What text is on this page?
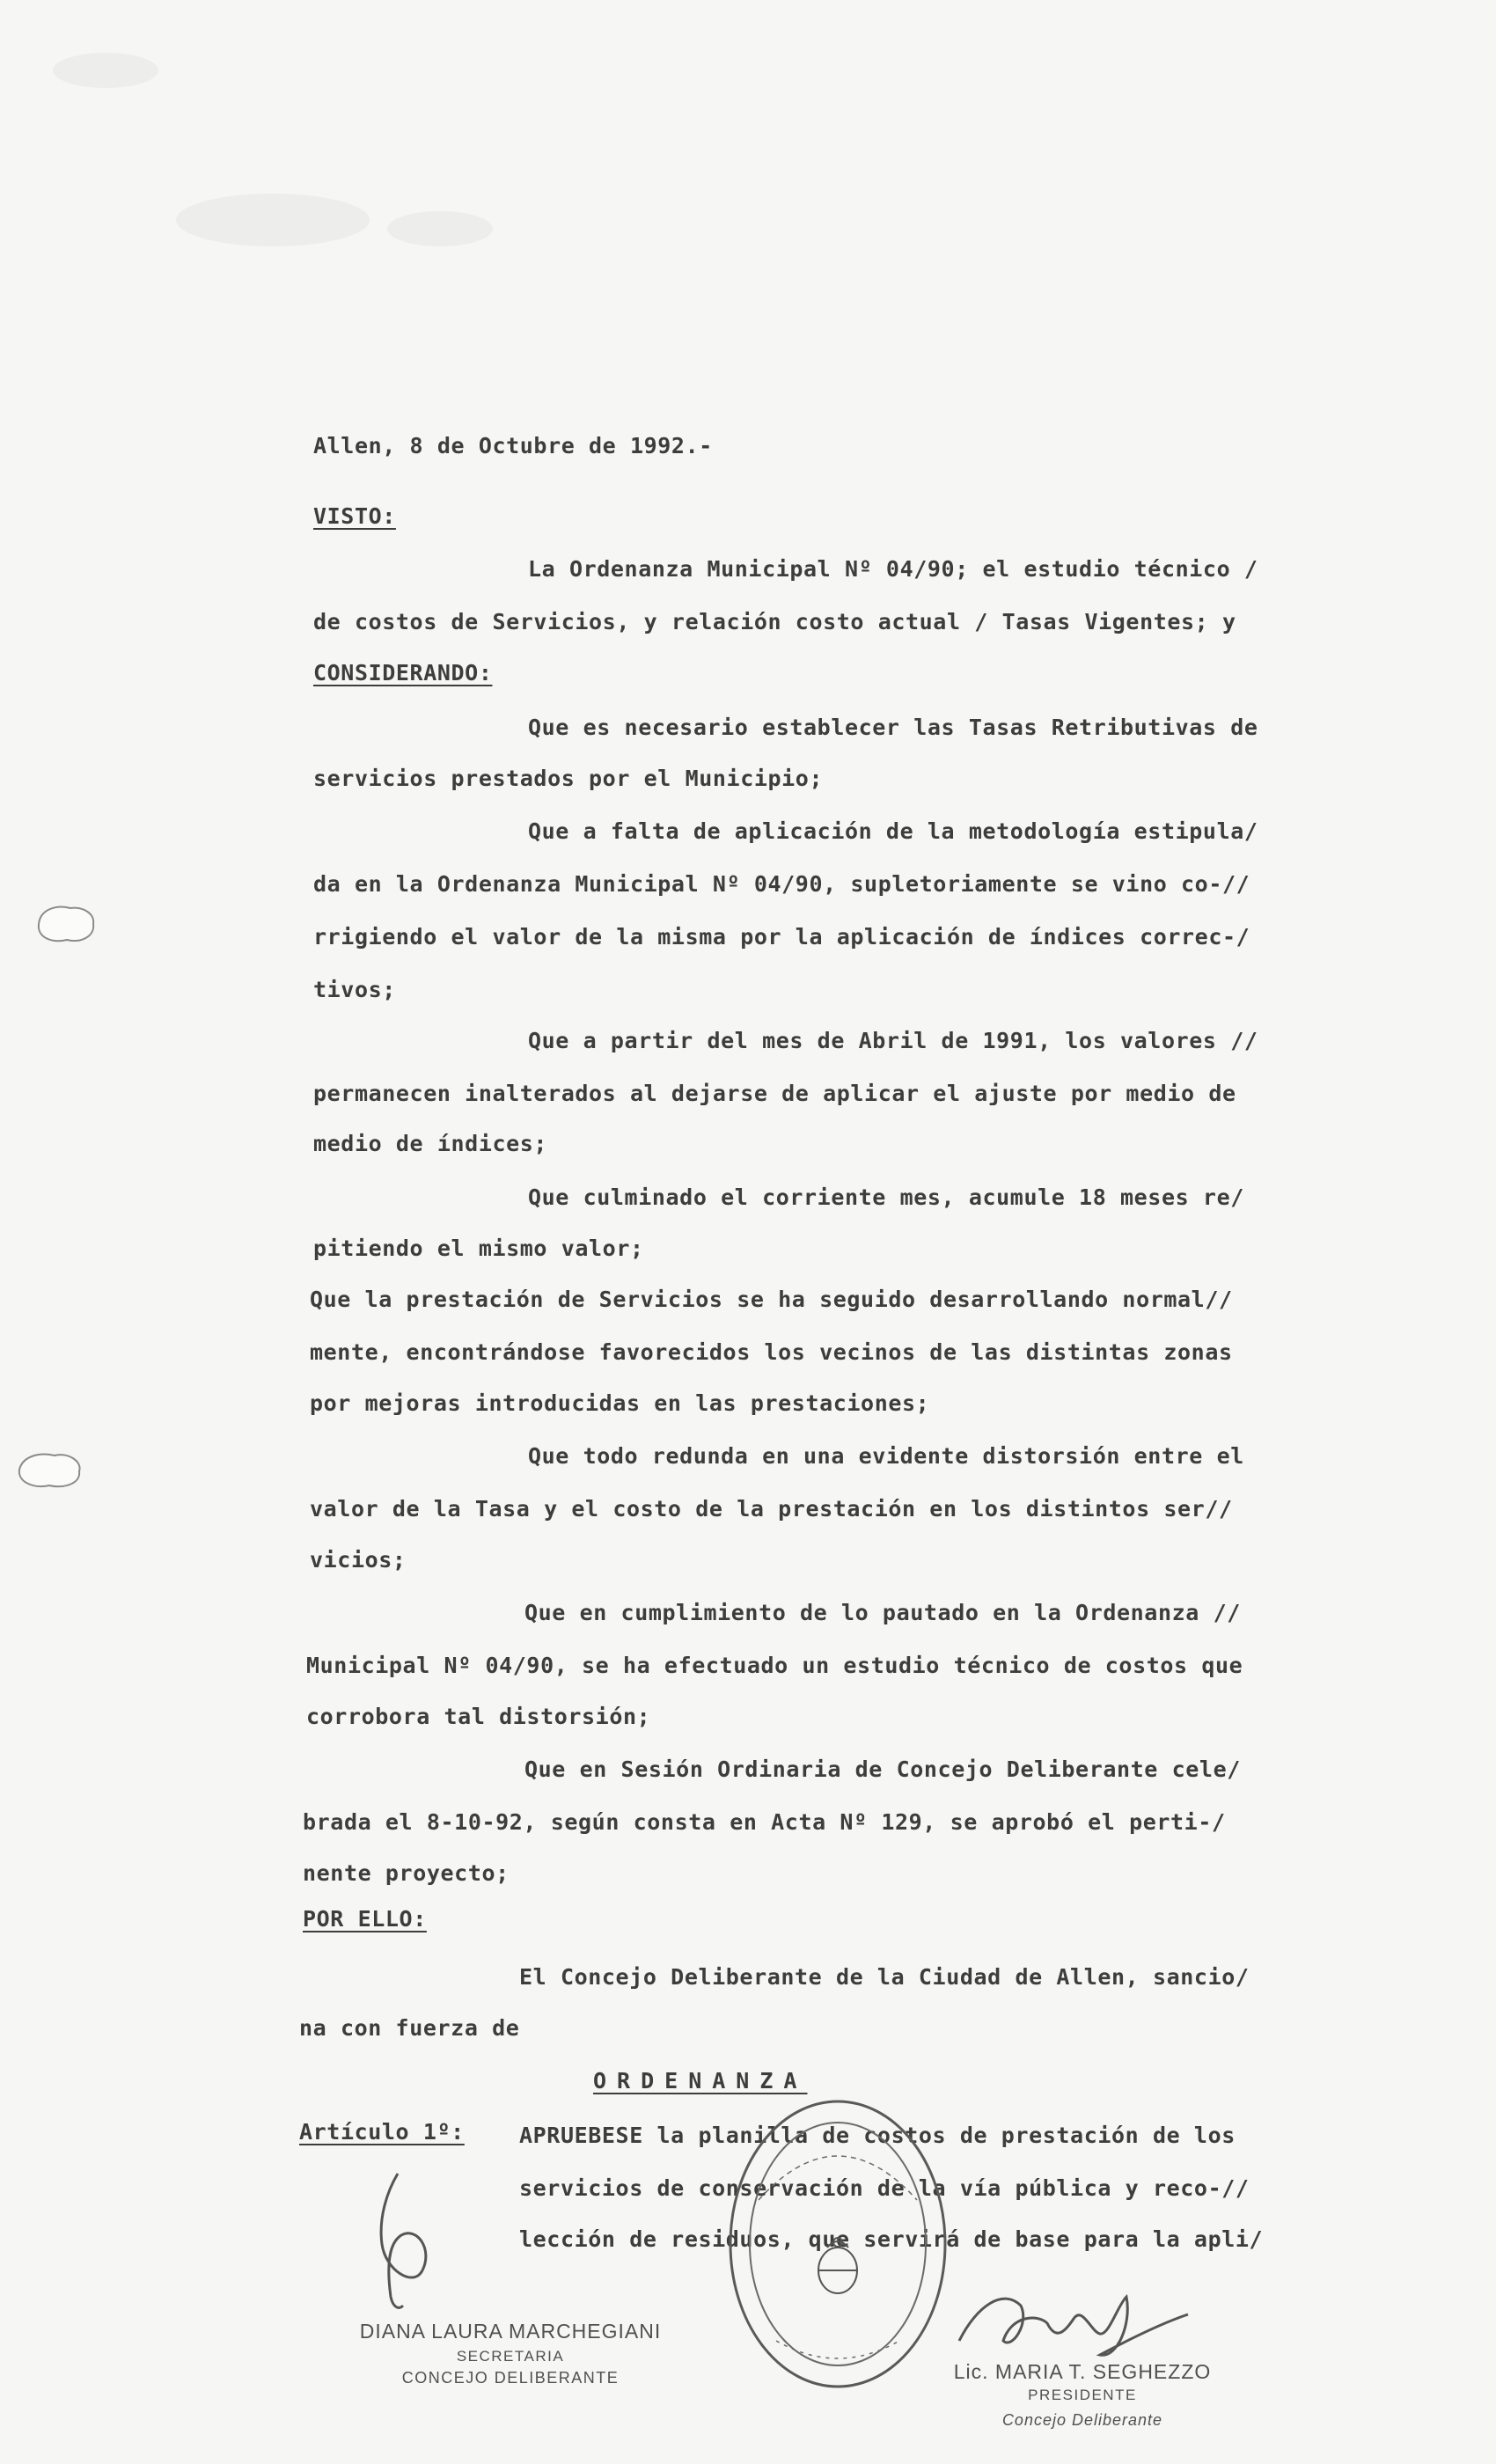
Allen, 8 de Octubre de 1992.-
VISTO:
La Ordenanza Municipal Nº 04/90; el estudio técnico /
de costos de Servicios, y relación costo actual / Tasas Vigentes; y
CONSIDERANDO:
Que es necesario establecer las Tasas Retributivas de
servicios prestados por el Municipio;
Que a falta de aplicación de la metodología estipula/
da en la Ordenanza Municipal Nº 04/90, supletoriamente se vino co-//
rrigiendo el valor de la misma por la aplicación de índices correc-/
tivos;
Que a partir del mes de Abril de 1991, los valores //
permanecen inalterados al dejarse de aplicar el ajuste por medio de
medio de índices;
Que culminado el corriente mes, acumule 18 meses re/
pitiendo el mismo valor;
Que la prestación de Servicios se ha seguido desarrollando normal//
mente, encontrándose favorecidos los vecinos de las distintas zonas
por mejoras introducidas en las prestaciones;
Que todo redunda en una evidente distorsión entre el
valor de la Tasa y el costo de la prestación en los distintos ser//
vicios;
Que en cumplimiento de lo pautado en la Ordenanza //
Municipal Nº 04/90, se ha efectuado un estudio técnico de costos que
corrobora tal distorsión;
Que en Sesión Ordinaria de Concejo Deliberante cele/
brada el 8-10-92, según consta en Acta Nº 129, se aprobó el perti-/
nente proyecto;
POR ELLO:
El Concejo Deliberante de la Ciudad de Allen, sancio/
na con fuerza de
ORDENANZA
Artículo 1º: APRUEBESE la planilla de costos de prestación de los
servicios de conservación de la vía pública y reco-//
lección de residuos, que servirá de base para la apli/
DIANA LAURA MARCHEGIANI
SECRETARIA
CONCEJO DELIBERANTE	Lic. MARIA T. SEGHEZZO
PRESIDENTE
Concejo Deliberante
